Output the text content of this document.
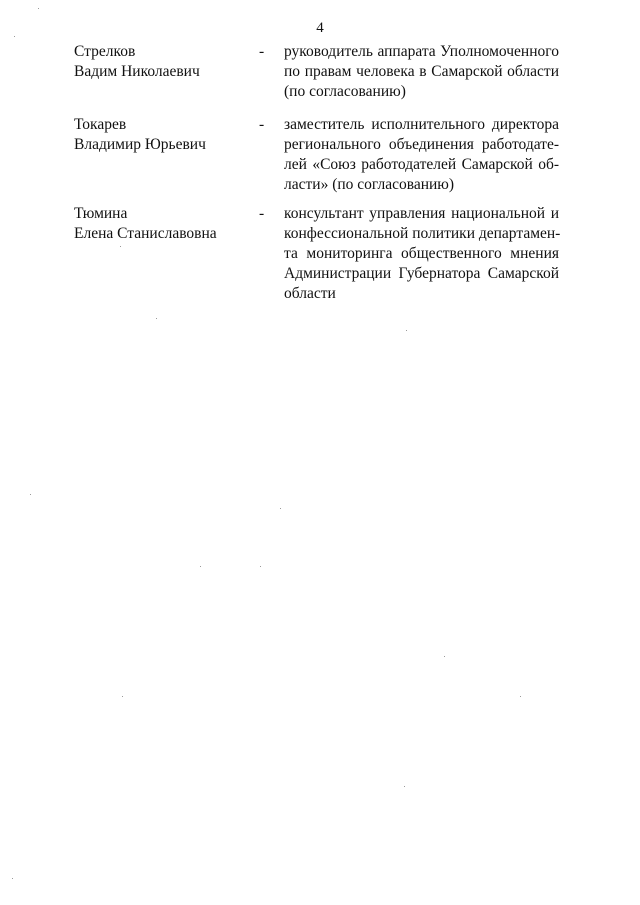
4
Стрелков
Вадим Николаевич
- руководитель аппарата Уполномоченного
по правам человека в Самарской области
(по согласованию)
Токарев
Владимир Юрьевич
- заместитель исполнительного директора
регионального объединения работодате-
лей «Союз работодателей Самарской об-
ласти» (по согласованию)
Тюмина
Елена Станиславовна
- консультант управления национальной и
конфессиональной политики департамен-
та мониторинга общественного мнения
Администрации Губернатора Самарской
области
